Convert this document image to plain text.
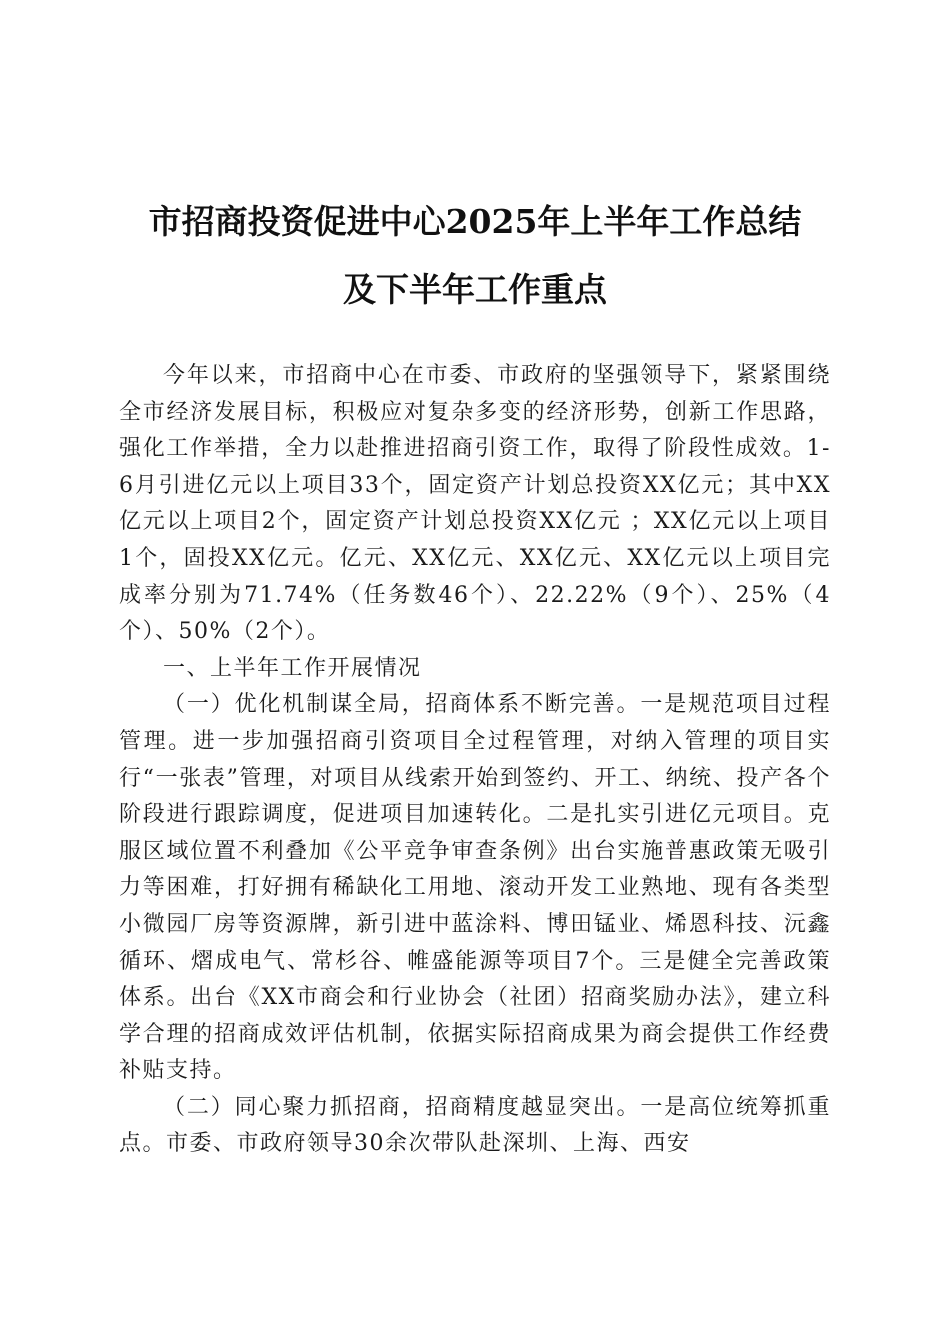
市招商投资促进中心2025年上半年工作总结
及下半年工作重点

今年以来，市招商中心在市委、市政府的坚强领导下，紧紧围绕全市经济发展目标，积极应对复杂多变的经济形势，创新工作思路，强化工作举措，全力以赴推进招商引资工作，取得了阶段性成效。1-6月引进亿元以上项目33个，固定资产计划总投资XX亿元；其中XX亿元以上项目2个，固定资产计划总投资XX亿元 ；XX亿元以上项目1个，固投XX亿元。亿元、XX亿元、XX亿元、XX亿元以上项目完成率分别为71.74%（任务数46个）、22.22%（9个）、25%（4个）、50%（2个）。

一、上半年工作开展情况

（一）优化机制谋全局，招商体系不断完善。一是规范项目过程管理。进一步加强招商引资项目全过程管理，对纳入管理的项目实行“一张表”管理，对项目从线索开始到签约、开工、纳统、投产各个阶段进行跟踪调度，促进项目加速转化。二是扎实引进亿元项目。克服区域位置不利叠加《公平竞争审查条例》出台实施普惠政策无吸引力等困难，打好拥有稀缺化工用地、滚动开发工业熟地、现有各类型小微园厂房等资源牌，新引进中蓝涂料、博田锰业、烯恩科技、沅鑫循环、熠成电气、常杉谷、帷盛能源等项目7个。三是健全完善政策体系。出台《XX市商会和行业协会（社团）招商奖励办法》，建立科学合理的招商成效评估机制，依据实际招商成果为商会提供工作经费补贴支持。

（二）同心聚力抓招商，招商精度越显突出。一是高位统筹抓重点。市委、市政府领导30余次带队赴深圳、上海、西安
